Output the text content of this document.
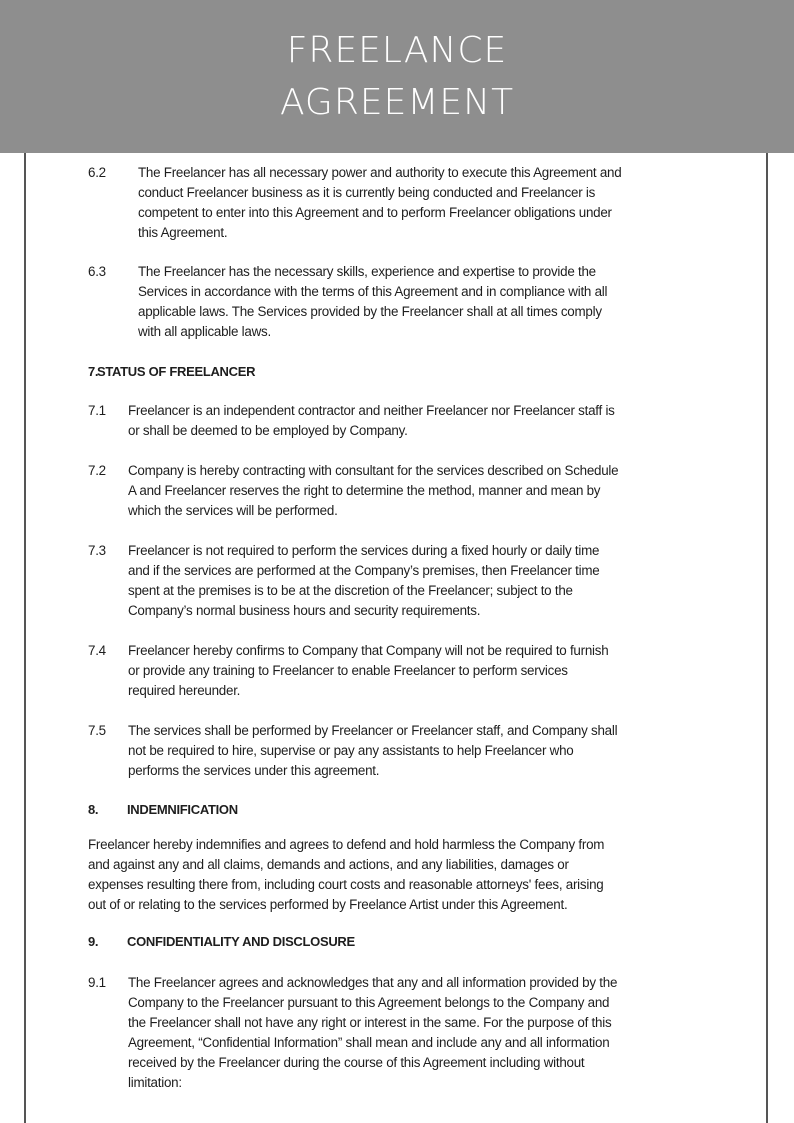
FREELANCE
AGREEMENT
6.2 The Freelancer has all necessary power and authority to execute this Agreement and
conduct Freelancer business as it is currently being conducted and Freelancer is
competent to enter into this Agreement and to perform Freelancer obligations under
this Agreement.
6.3 The Freelancer has the necessary skills, experience and expertise to provide the
Services in accordance with the terms of this Agreement and in compliance with all
applicable laws. The Services provided by the Freelancer shall at all times comply
with all applicable laws.
7.
STATUS OF FREELANCER
7.1 Freelancer is an independent contractor and neither Freelancer nor Freelancer staff is
or shall be deemed to be employed by Company.
7.2 Company is hereby contracting with consultant for the services described on Schedule
A and Freelancer reserves the right to determine the method, manner and mean by
which the services will be performed.
7.3 Freelancer is not required to perform the services during a fixed hourly or daily time
and if the services are performed at the Company’s premises, then Freelancer time
spent at the premises is to be at the discretion of the Freelancer; subject to the
Company’s normal business hours and security requirements.
7.4 Freelancer hereby confirms to Company that Company will not be required to furnish
or provide any training to Freelancer to enable Freelancer to perform services
required hereunder.
7.5 The services shall be performed by Freelancer or Freelancer staff, and Company shall
not be required to hire, supervise or pay any assistants to help Freelancer who
performs the services under this agreement.
8. INDEMNIFICATION
Freelancer hereby indemnifies and agrees to defend and hold harmless the Company from
and against any and all claims, demands and actions, and any liabilities, damages or
expenses resulting there from, including court costs and reasonable attorneys' fees, arising
out of or relating to the services performed by Freelance Artist under this Agreement.
9. CONFIDENTIALITY AND DISCLOSURE
9.1 The Freelancer agrees and acknowledges that any and all information provided by the
Company to the Freelancer pursuant to this Agreement belongs to the Company and
the Freelancer shall not have any right or interest in the same. For the purpose of this
Agreement, “Confidential Information” shall mean and include any and all information
received by the Freelancer during the course of this Agreement including without
limitation:
